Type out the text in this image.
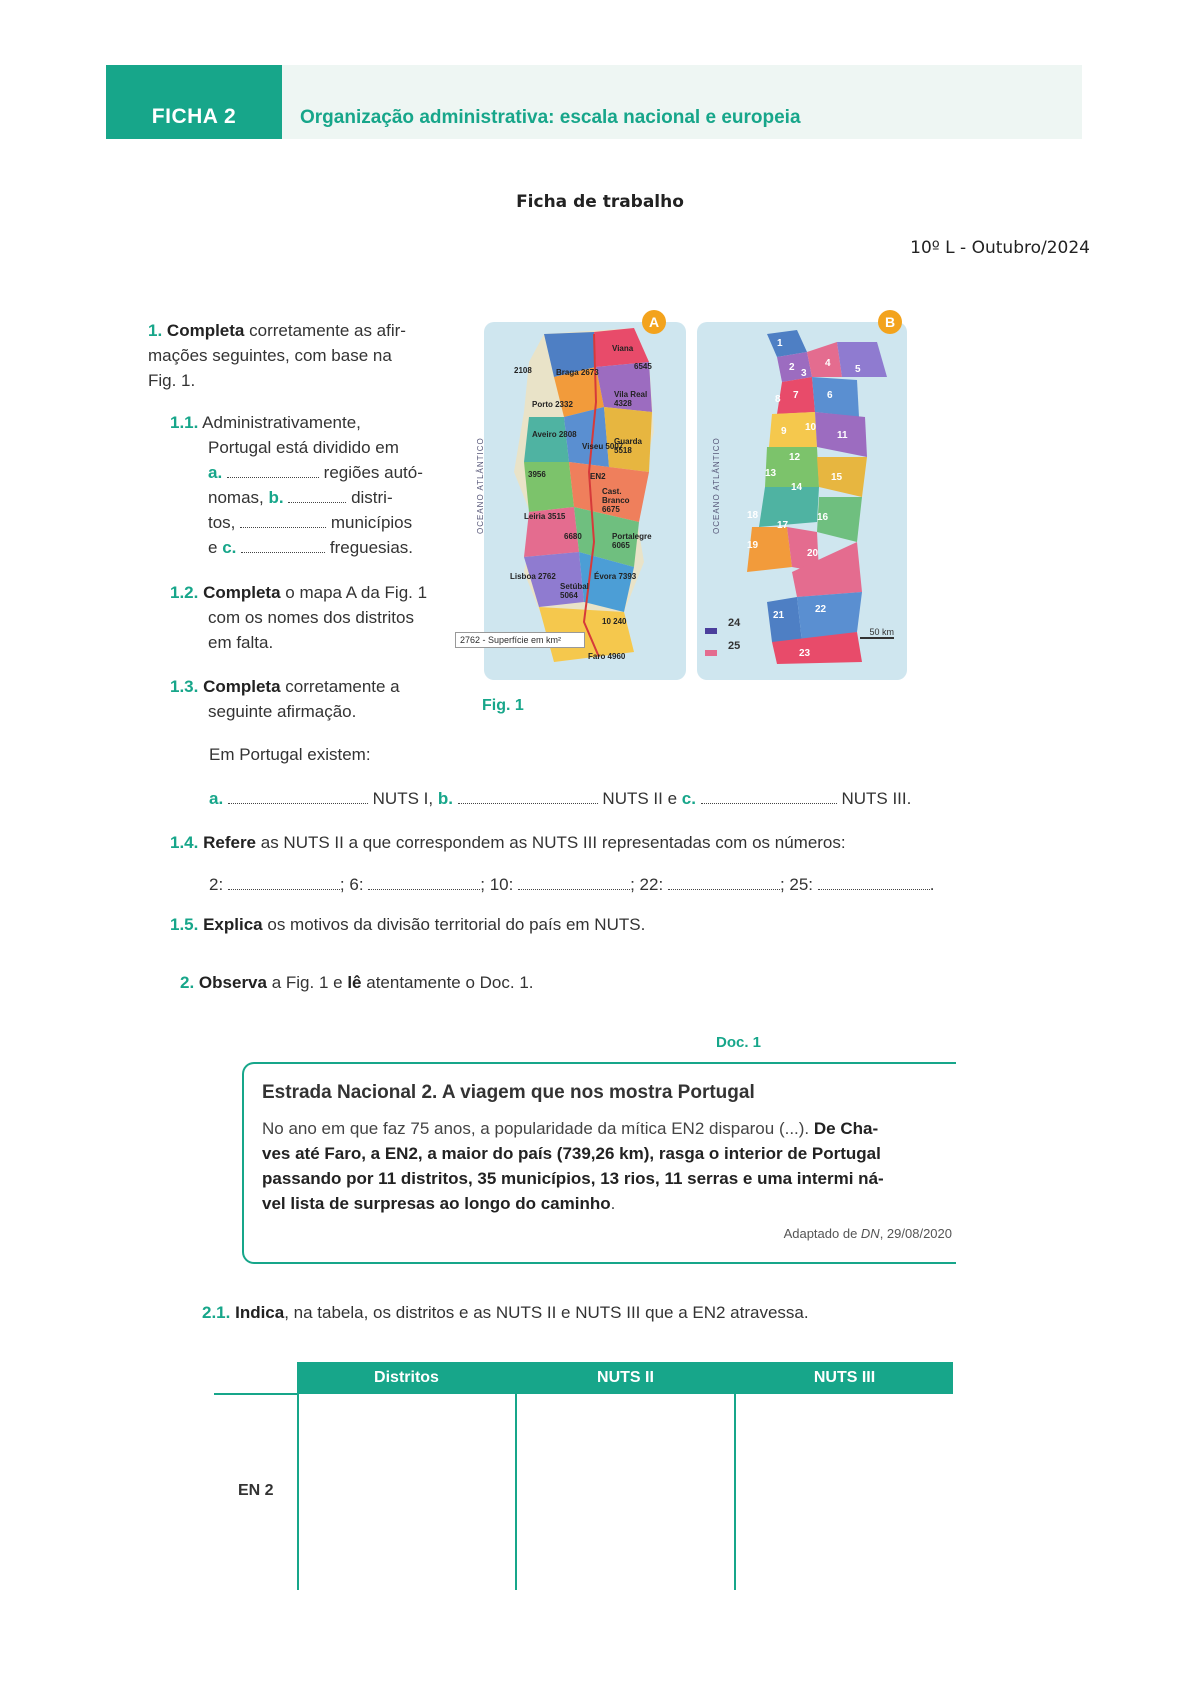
FICHA 2	Organização administrativa: escala nacional e europeia
Ficha de trabalho
10º L - Outubro/2024
1. Completa corretamente as afir-
mações seguintes, com base na
Fig. 1.
1.1. Administrativamente,
Portugal está dividido em
a.	regiões autó-
nomas, b.	distri-
tos,	municípios
e c.	freguesias.
1.2. Completa o mapa A da Fig. 1
com os nomes dos distritos
em falta.
1.3. Completa corretamente a
seguinte afirmação.
Em Portugal existem:
a.	NUTS I, b.	NUTS II e c.	NUTS III.
1.4. Refere as NUTS II a que correspondem as NUTS III representadas com os números:
2:	; 6:	; 10:	; 22:	; 25:	.
1.5. Explica os motivos da divisão territorial do país em NUTS.
2108	Braga 2673
Viana
6545
Vila Real 4328
Porto 2332
Aveiro 2808
Viseu 5007
Guarda 5518
3956
Leiria 3515
Cast. Branco 6675
Portalegre 6065
6680
Lisboa 2762
Setúbal 5064
Évora 7393
10 240
Faro 4960
EN2
OCEANO ATLÂNTICO
A
2762 - Superfície em km²
Fig. 1
1
2
3
4
5
6
7
8
9 10
11
12
13
14
15
16
17
18
19
20
21
22
23
OCEANO ATLÂNTICO
B
24
25
50 km
2. Observa a Fig. 1 e lê atentamente o Doc. 1.
Doc. 1
Estrada Nacional 2. A viagem que nos mostra Portugal
No ano em que faz 75 anos, a popularidade da mítica EN2 disparou (...). De Cha-
ves até Faro, a EN2, a maior do país (739,26 km), rasga o interior de Portugal
passando por 11 distritos, 35 municípios, 13 rios, 11 serras e uma intermi ná-
vel lista de surpresas ao longo do caminho.
Adaptado de DN, 29/08/2020
2.1. Indica, na tabela, os distritos e as NUTS II e NUTS III que a EN2 atravessa.
Distritos	NUTS II	NUTS III
EN 2
